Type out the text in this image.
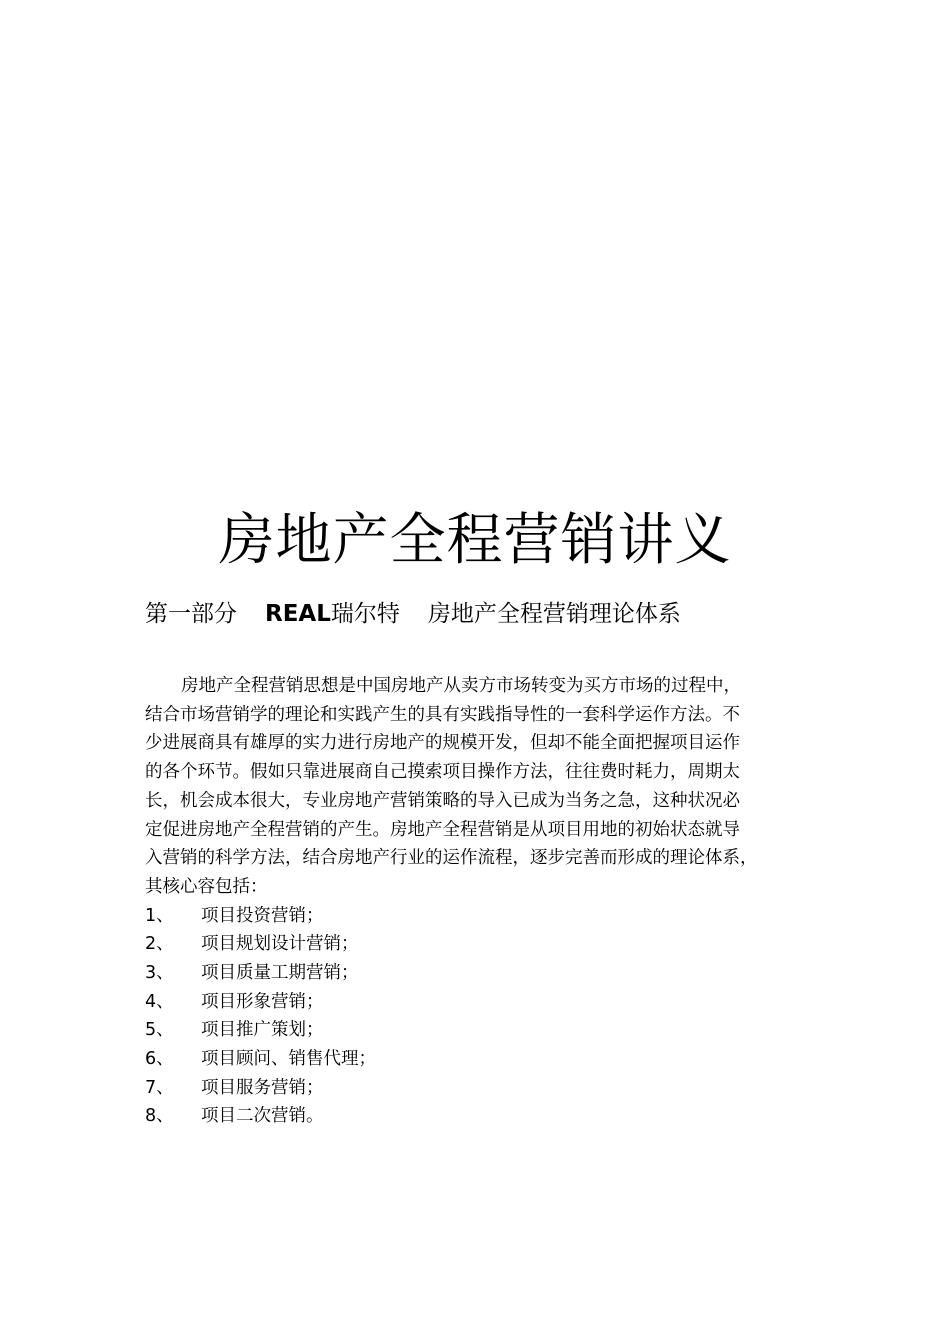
房地产全程营销讲义
第一部分 REAL瑞尔特 房地产全程营销理论体系
房地产全程营销思想是中国房地产从卖方市场转变为买方市场的过程中，
结合市场营销学的理论和实践产生的具有实践指导性的一套科学运作方法。不
少进展商具有雄厚的实力进行房地产的规模开发，但却不能全面把握项目运作
的各个环节。假如只靠进展商自己摸索项目操作方法，往往费时耗力，周期太
长，机会成本很大，专业房地产营销策略的导入已成为当务之急，这种状况必
定促进房地产全程营销的产生。房地产全程营销是从项目用地的初始状态就导
入营销的科学方法，结合房地产行业的运作流程，逐步完善而形成的理论体系，
其核心容包括：
1、 项目投资营销；
2、 项目规划设计营销；
3、 项目质量工期营销；
4、 项目形象营销；
5、 项目推广策划；
6、 项目顾问、销售代理；
7、 项目服务营销；
8、 项目二次营销。
